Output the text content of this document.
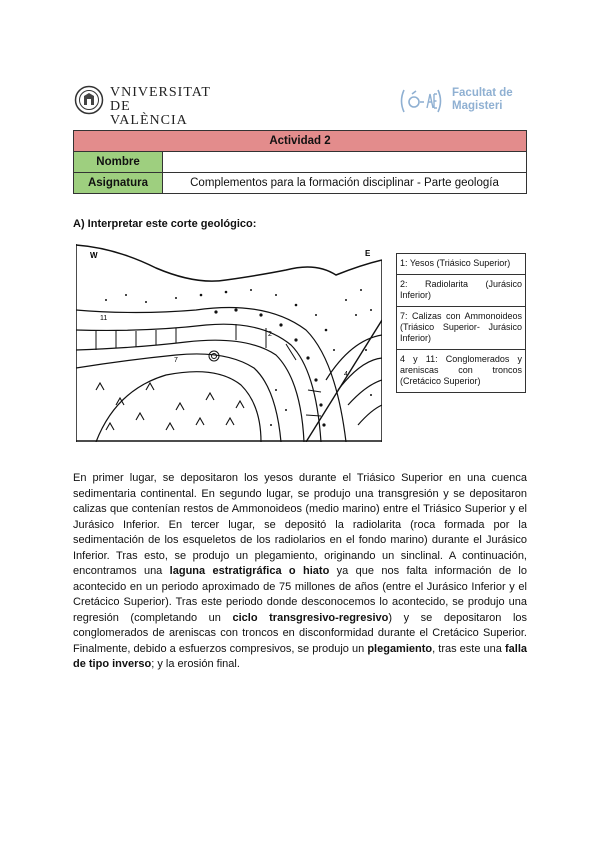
VNIVERSITAT
DE VALÈNCIA
Facultat de
Magisteri
Actividad 2	
Nombre	
Asignatura	Complementos para la formación disciplinar - Parte geología
A) Interpretar este corte geológico:
W	E
11
7
2
4
1: Yesos (Triásico Superior)
2: Radiolarita (Jurásico Inferior)
7: Calizas con Ammonoideos (Triásico Superior- Jurásico Inferior)
4 y 11: Conglomerados y areniscas con troncos (Cretácico Superior)
En primer lugar, se depositaron los yesos durante el Triásico Superior en una cuenca sedimentaria continental. En segundo lugar, se produjo una transgresión y se depositaron calizas que contenían restos de Ammonoideos (medio marino) entre el Triásico Superior y el Jurásico Inferior. En tercer lugar, se depositó la radiolarita (roca formada por la sedimentación de los esqueletos de los radiolarios en el fondo marino) durante el Jurásico Inferior. Tras esto, se produjo un plegamiento, originando un sinclinal. A continuación, encontramos una laguna estratigráfica o hiato ya que nos falta información de lo acontecido en un periodo aproximado de 75 millones de años (entre el Jurásico Inferior y el Cretácico Superior). Tras este periodo donde desconocemos lo acontecido, se produjo una regresión (completando un ciclo transgresivo-regresivo) y se depositaron los conglomerados de areniscas con troncos en disconformidad durante el Cretácico Superior. Finalmente, debido a esfuerzos compresivos, se produjo un plegamiento, tras este una falla de tipo inverso; y la erosión final.
